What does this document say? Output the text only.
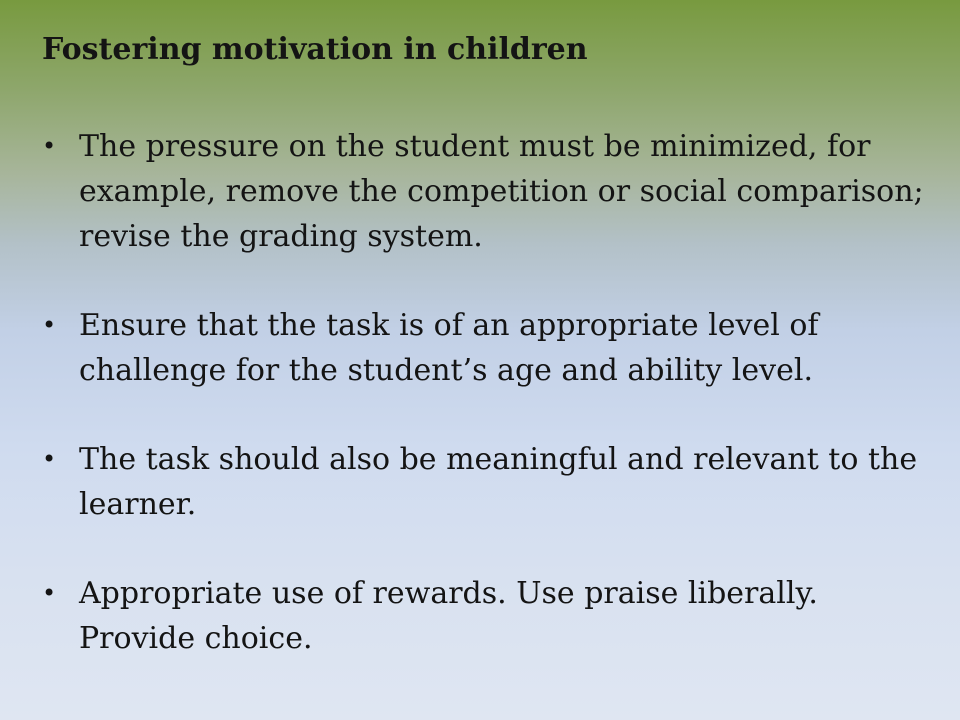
Fostering motivation in children
• The pressure on the student must be minimized, for example, remove the competition or social comparison; revise the grading system.
• Ensure that the task is of an appropriate level of challenge for the student’s age and ability level.
• The task should also be meaningful and relevant to the learner.
• Appropriate use of rewards. Use praise liberally. Provide choice.
